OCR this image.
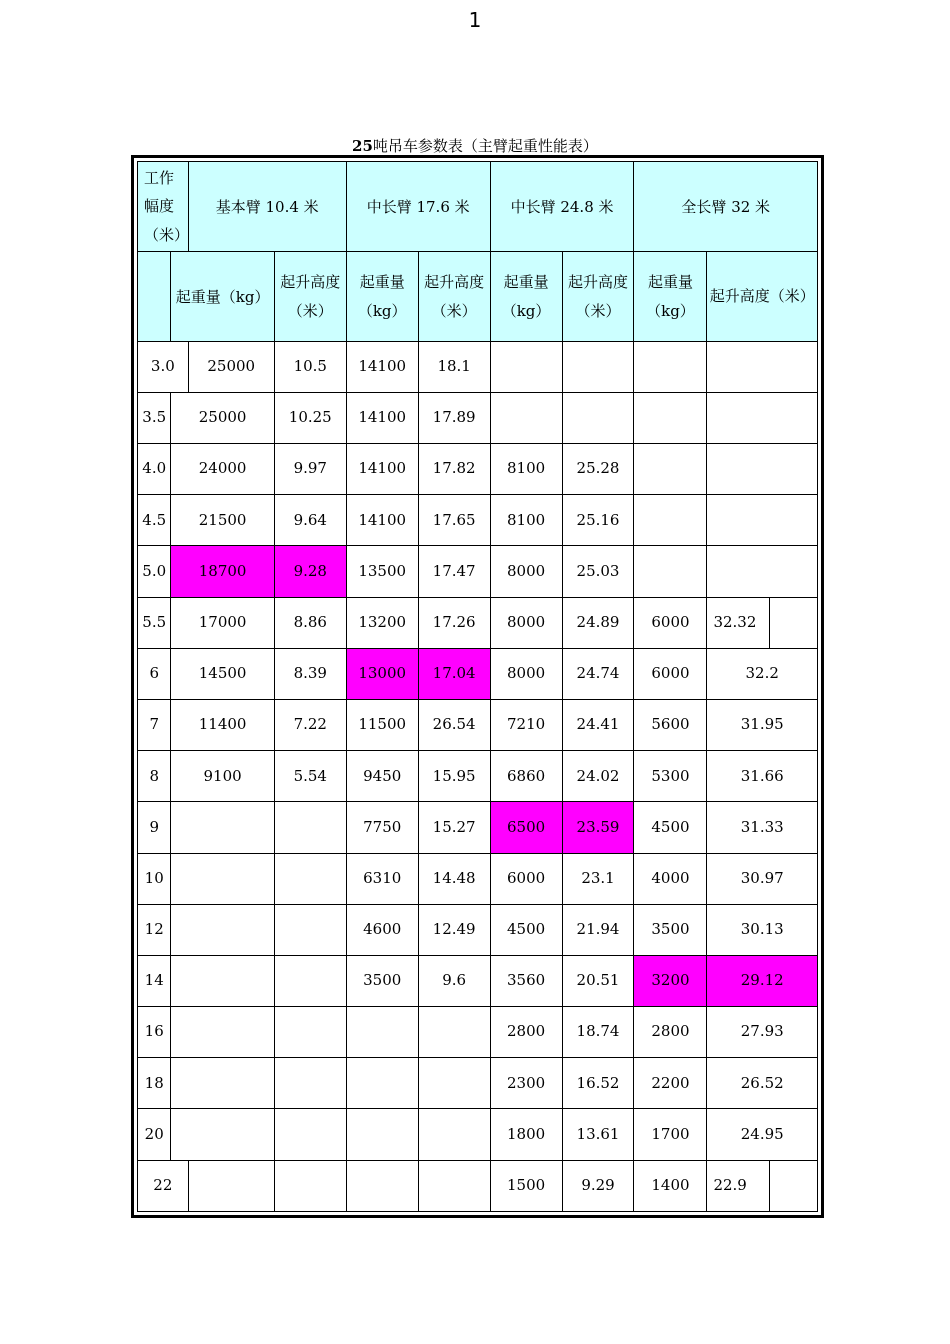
1
25吨吊车参数表（主臂起重性能表）
工作幅度（米）		基本臂 10.4 米		中长臂 17.6 米		中长臂 24.8 米		全长臂 32 米		
	起重量（kg）		起升高度（米）	起重量（kg）	起升高度（米）	起重量（kg）	起升高度（米）	起重量（kg）	起升高度（米）	
3.0		25000	10.5	14100	18.1					
3.5	25000		10.25	14100	17.89					
4.0	24000		9.97	14100	17.82	8100	25.28			
4.5	21500		9.64	14100	17.65	8100	25.16			
5.0	18700		9.28	13500	17.47	8000	25.03			
5.5	17000		8.86	13200	17.26	8000	24.89	6000	32.32	
6	14500		8.39	13000	17.04	8000	24.74	6000	32.2	
7	11400		7.22	11500	26.54	7210	24.41	5600	31.95	
8	9100		5.54	9450	15.95	6860	24.02	5300	31.66	
9				7750	15.27	6500	23.59	4500	31.33	
10				6310	14.48	6000	23.1	4000	30.97	
12				4600	12.49	4500	21.94	3500	30.13	
14				3500	9.6	3560	20.51	3200	29.12	
16						2800	18.74	2800	27.93	
18						2300	16.52	2200	26.52	
20						1800	13.61	1700	24.95	
22						1500	9.29	1400	22.9	
